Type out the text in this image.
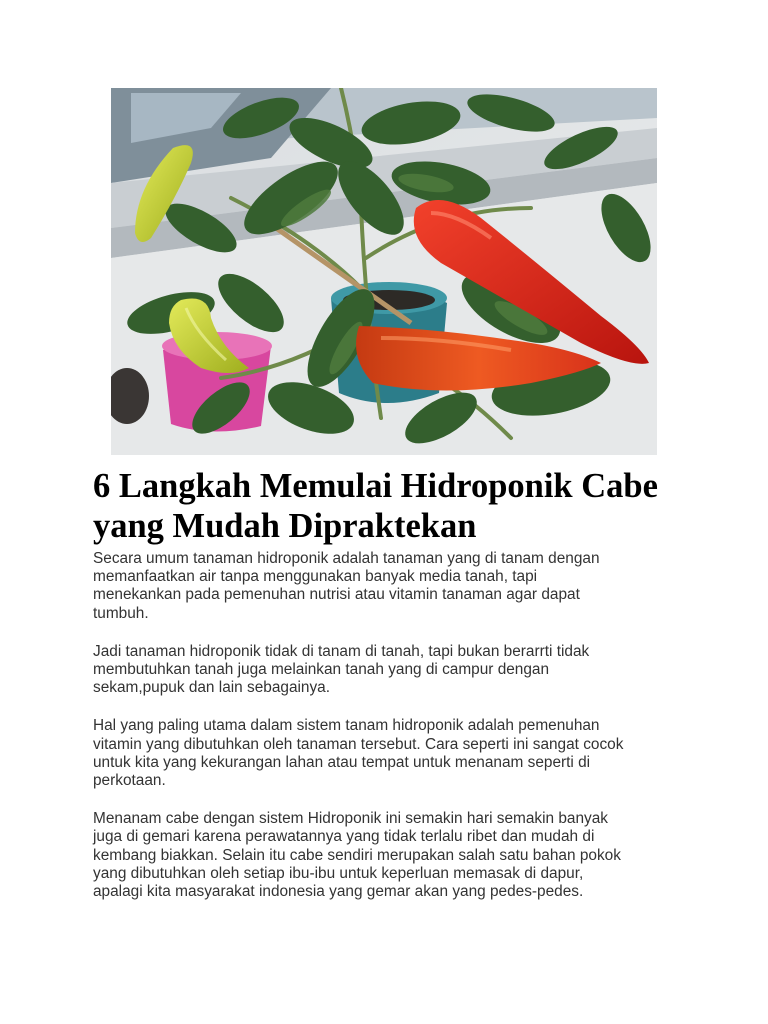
6 Langkah Memulai Hidroponik Cabe yang Mudah Dipraktekan

Secara umum tanaman hidroponik adalah tanaman yang di tanam dengan
memanfaatkan air tanpa menggunakan banyak media tanah, tapi
menekankan pada pemenuhan nutrisi atau vitamin tanaman agar dapat
tumbuh.

Jadi tanaman hidroponik tidak di tanam di tanah, tapi bukan berarrti tidak
membutuhkan tanah juga melainkan tanah yang di campur dengan
sekam,pupuk dan lain sebagainya.

Hal yang paling utama dalam sistem tanam hidroponik adalah pemenuhan
vitamin yang dibutuhkan oleh tanaman tersebut. Cara seperti ini sangat cocok
untuk kita yang kekurangan lahan atau tempat untuk menanam seperti di
perkotaan.

Menanam cabe dengan sistem Hidroponik ini semakin hari semakin banyak
juga di gemari karena perawatannya yang tidak terlalu ribet dan mudah di
kembang biakkan. Selain itu cabe sendiri merupakan salah satu bahan pokok
yang dibutuhkan oleh setiap ibu-ibu untuk keperluan memasak di dapur,
apalagi kita masyarakat indonesia yang gemar akan yang pedes-pedes.
